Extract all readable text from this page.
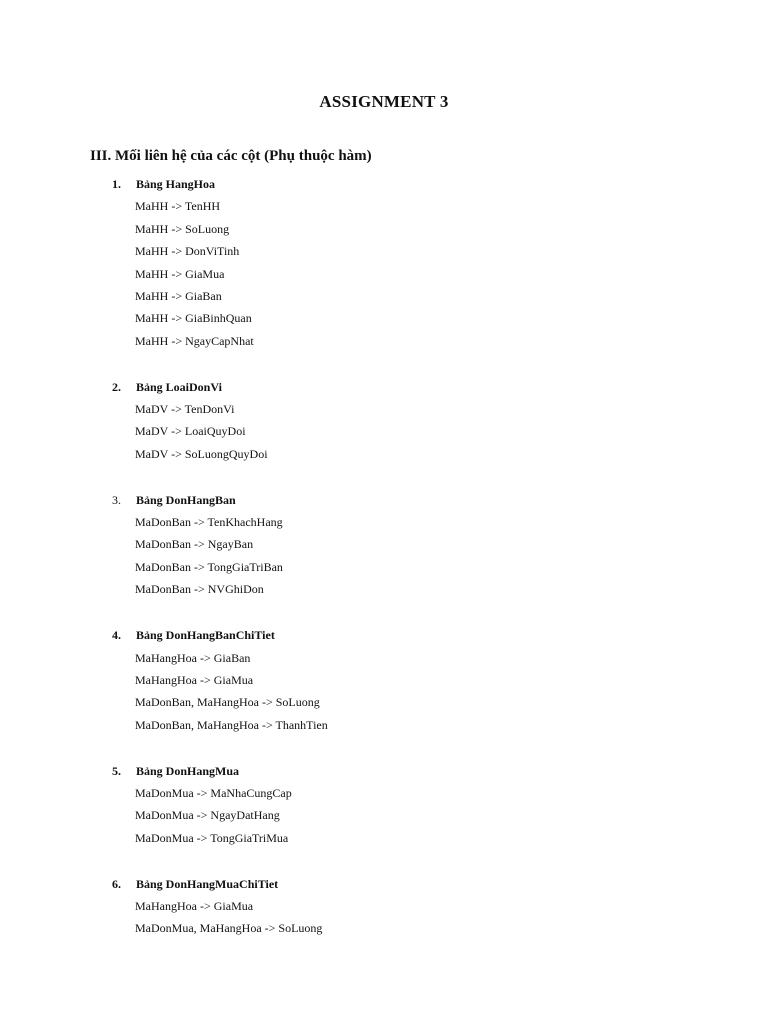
ASSIGNMENT 3
III. Mối liên hệ của các cột (Phụ thuộc hàm)
1.	Bảng HangHoa
MaHH -> TenHH
MaHH -> SoLuong
MaHH -> DonViTinh
MaHH -> GiaMua
MaHH -> GiaBan
MaHH -> GiaBinhQuan
MaHH -> NgayCapNhat
2.	Bảng LoaiDonVi
MaDV -> TenDonVi
MaDV -> LoaiQuyDoi
MaDV -> SoLuongQuyDoi
3.	Bảng DonHangBan
MaDonBan -> TenKhachHang
MaDonBan -> NgayBan
MaDonBan -> TongGiaTriBan
MaDonBan -> NVGhiDon
4.	Bảng DonHangBanChiTiet
MaHangHoa -> GiaBan
MaHangHoa -> GiaMua
MaDonBan, MaHangHoa -> SoLuong
MaDonBan, MaHangHoa -> ThanhTien
5.	Bảng DonHangMua
MaDonMua -> MaNhaCungCap
MaDonMua -> NgayDatHang
MaDonMua -> TongGiaTriMua
6.	Bảng DonHangMuaChiTiet
MaHangHoa -> GiaMua
MaDonMua, MaHangHoa -> SoLuong
